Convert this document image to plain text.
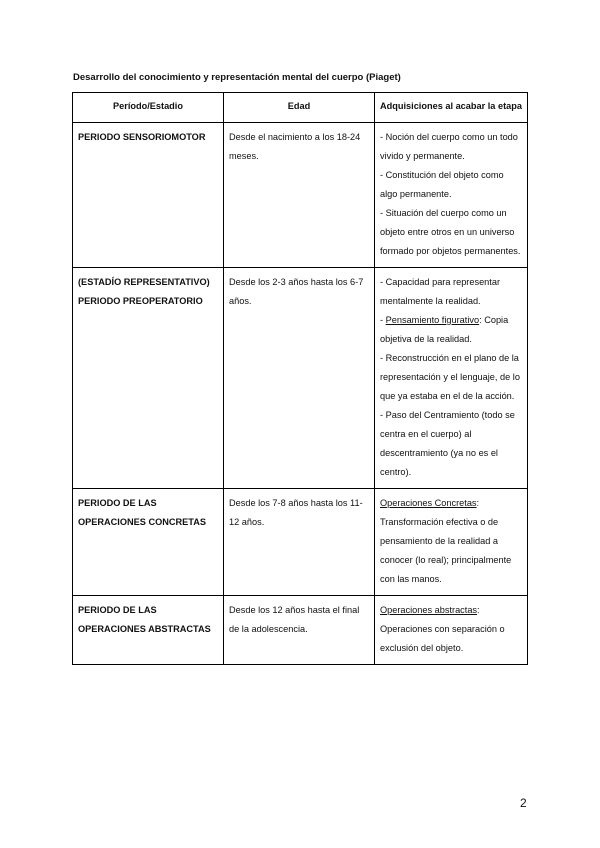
Desarrollo del conocimiento y representación mental del cuerpo (Piaget)
Período/Estadio	Edad	Adquisiciones al acabar la etapa

PERIODO SENSORIOMOTOR	Desde el nacimiento a los 18-24 meses.	- Noción del cuerpo como un todo vivido y permanente.
- Constitución del objeto como algo permanente.
- Situación del cuerpo como un objeto entre otros en un universo formado por objetos permanentes.

(ESTADÍO REPRESENTATIVO)
PERIODO PREOPERATORIO	Desde los 2-3 años hasta los 6-7 años.	- Capacidad para representar mentalmente la realidad.
- Pensamiento figurativo: Copia objetiva de la realidad.
- Reconstrucción en el plano de la representación y el lenguaje, de lo que ya estaba en el de la acción.
- Paso del Centramiento (todo se centra en el cuerpo) al descentramiento (ya no es el centro).

PERIODO DE LAS OPERACIONES CONCRETAS	Desde los 7-8 años hasta los 11-12 años.	Operaciones Concretas: Transformación efectiva o de pensamiento de la realidad a conocer (lo real); principalmente con las manos.

PERIODO DE LAS OPERACIONES ABSTRACTAS	Desde los 12 años hasta el final de la adolescencia.	Operaciones abstractas: Operaciones con separación o exclusión del objeto.
2
